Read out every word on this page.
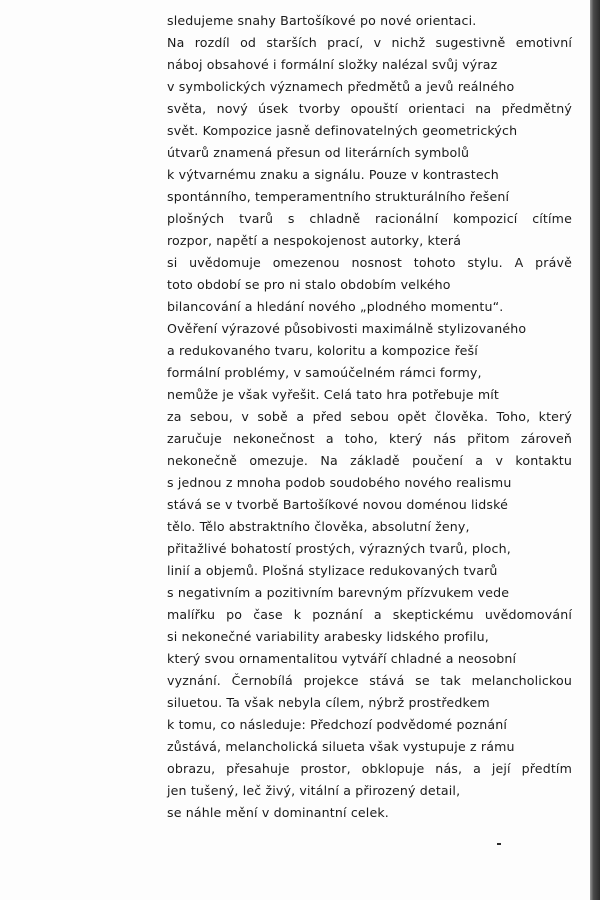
sledujeme snahy Bartošíkové po nové orientaci.
Na rozdíl od starších prací, v nichž sugestivně emotivní
náboj obsahové i formální složky nalézal svůj výraz
v symbolických významech předmětů a jevů reálného
světa, nový úsek tvorby opouští orientaci na předmětný
svět. Kompozice jasně definovatelných geometrických
útvarů znamená přesun od literárních symbolů
k výtvarnému znaku a signálu. Pouze v kontrastech
spontánního, temperamentního strukturálního řešení
plošných tvarů s chladně racionální kompozicí cítíme
rozpor, napětí a nespokojenost autorky, která
si uvědomuje omezenou nosnost tohoto stylu. A právě
toto období se pro ni stalo obdobím velkého
bilancování a hledání nového „plodného momentu“.
Ověření výrazové působivosti maximálně stylizovaného
a redukovaného tvaru, koloritu a kompozice řeší
formální problémy, v samoúčelném rámci formy,
nemůže je však vyřešit. Celá tato hra potřebuje mít
za sebou, v sobě a před sebou opět člověka. Toho, který
zaručuje nekonečnost a toho, který nás přitom zároveň
nekonečně omezuje. Na základě poučení a v kontaktu
s jednou z mnoha podob soudobého nového realismu
stává se v tvorbě Bartošíkové novou doménou lidské
tělo. Tělo abstraktního člověka, absolutní ženy,
přitažlivé bohatostí prostých, výrazných tvarů, ploch,
linií a objemů. Plošná stylizace redukovaných tvarů
s negativním a pozitivním barevným přízvukem vede
malířku po čase k poznání a skeptickému uvědomování
si nekonečné variability arabesky lidského profilu,
který svou ornamentalitou vytváří chladné a neosobní
vyznání. Černobílá projekce stává se tak melancholickou
siluetou. Ta však nebyla cílem, nýbrž prostředkem
k tomu, co následuje: Předchozí podvědomé poznání
zůstává, melancholická silueta však vystupuje z rámu
obrazu, přesahuje prostor, obklopuje nás, a její předtím
jen tušený, leč živý, vitální a přirozený detail,
se náhle mění v dominantní celek.
